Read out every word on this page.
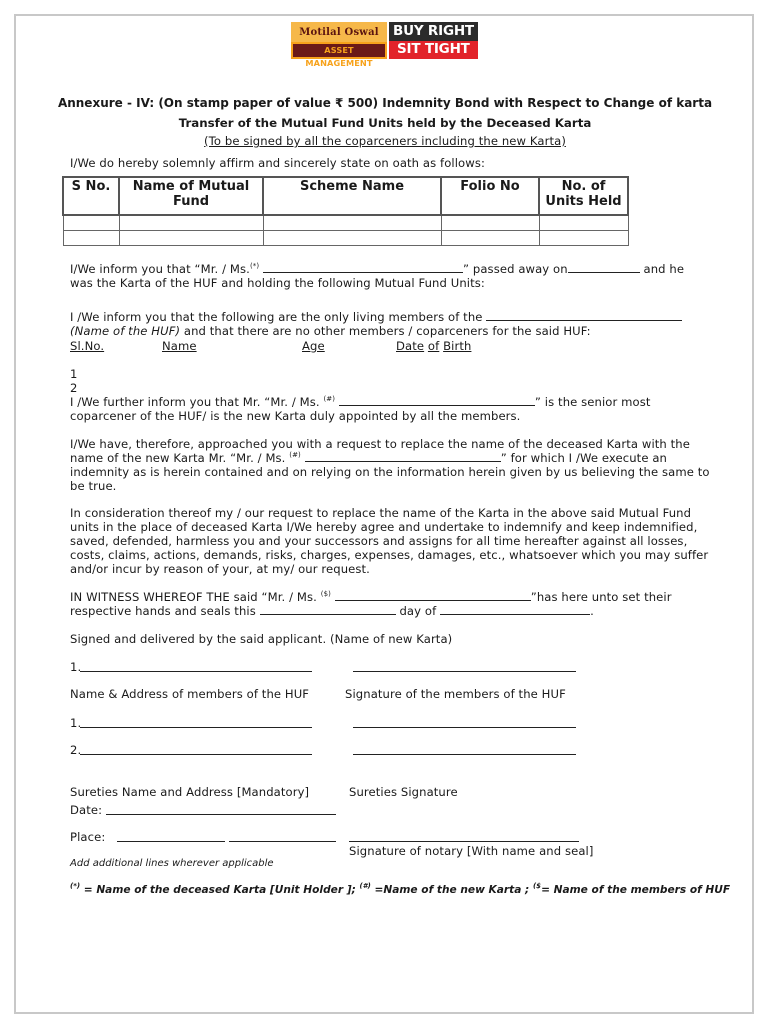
Motilal Oswal
ASSET MANAGEMENT
BUY RIGHT
SIT TIGHT
Annexure - IV: (On stamp paper of value ₹ 500) Indemnity Bond with Respect to Change of karta
Transfer of the Mutual Fund Units held by the Deceased Karta
(To be signed by all the coparceners including the new Karta)
I/We do hereby solemnly affirm and sincerely state on oath as follows:
S No.	Name of Mutual Fund	Scheme Name	Folio No	No. of Units Held

I/We inform you that “Mr. / Ms.(*)	” passed away on	and he
was the Karta of the HUF and holding the following Mutual Fund Units:
I /We inform you that the following are the only living members of the
(Name of the HUF) and that there are no other members / coparceners for the said HUF:
Sl.No.	Name	Age	Date of Birth
1
2
I /We further inform you that Mr. “Mr. / Ms. (#)	” is the senior most
coparcener of the HUF/ is the new Karta duly appointed by all the members.
I/We have, therefore, approached you with a request to replace the name of the deceased Karta with the
name of the new Karta Mr. “Mr. / Ms. (#)	” for which I /We execute an
indemnity as is herein contained and on relying on the information herein given by us believing the same to
be true.
In consideration thereof my / our request to replace the name of the Karta in the above said Mutual Fund
units in the place of deceased Karta I/We hereby agree and undertake to indemnify and keep indemnified,
saved, defended, harmless you and your successors and assigns for all time hereafter against all losses,
costs, claims, actions, demands, risks, charges, expenses, damages, etc., whatsoever which you may suffer
and/or incur by reason of your, at my/ our request.
IN WITNESS WHEREOF THE said “Mr. / Ms. ($)	”has here unto set their
respective hands and seals this	day of	.
Signed and delivered by the said applicant. (Name of new Karta)
1.
Name & Address of members of the HUF	Signature of the members of the HUF
1.
2.
Sureties Name and Address [Mandatory]	Sureties Signature
Date:
Place:
Signature of notary [With name and seal]
Add additional lines wherever applicable
(*) = Name of the deceased Karta [Unit Holder ]; (#) =Name of the new Karta ; ($= Name of the members of HUF
